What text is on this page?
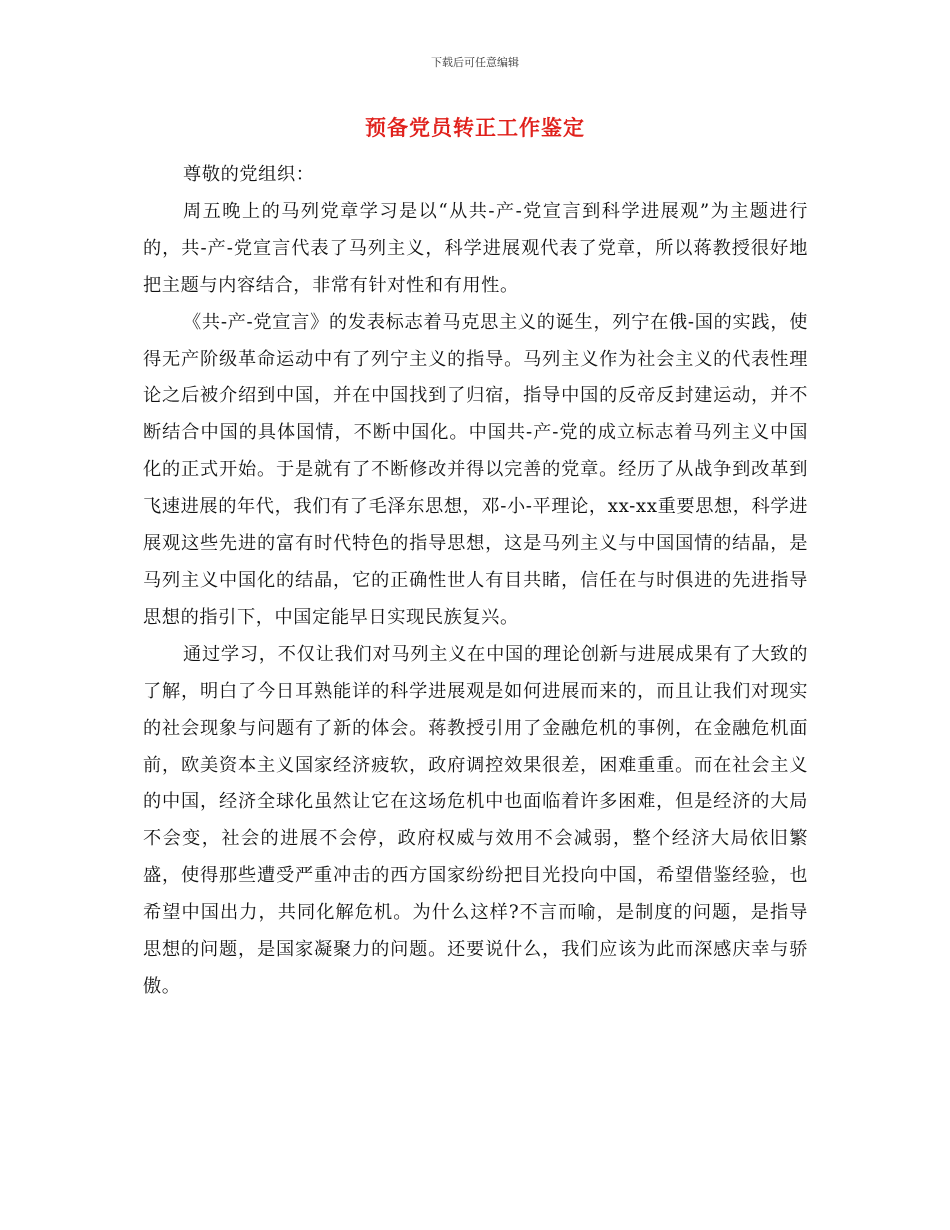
下载后可任意编辑
预备党员转正工作鉴定

尊敬的党组织：

周五晚上的马列党章学习是以“从共-产-党宣言到科学进展观”为主题进行的，共-产-党宣言代表了马列主义，科学进展观代表了党章，所以蒋教授很好地把主题与内容结合，非常有针对性和有用性。

《共-产-党宣言》的发表标志着马克思主义的诞生，列宁在俄-国的实践，使得无产阶级革命运动中有了列宁主义的指导。马列主义作为社会主义的代表性理论之后被介绍到中国，并在中国找到了归宿，指导中国的反帝反封建运动，并不断结合中国的具体国情，不断中国化。中国共-产-党的成立标志着马列主义中国化的正式开始。于是就有了不断修改并得以完善的党章。经历了从战争到改革到飞速进展的年代，我们有了毛泽东思想，邓-小-平理论，xx-xx重要思想，科学进展观这些先进的富有时代特色的指导思想，这是马列主义与中国国情的结晶，是马列主义中国化的结晶，它的正确性世人有目共睹，信任在与时俱进的先进指导思想的指引下，中国定能早日实现民族复兴。

通过学习，不仅让我们对马列主义在中国的理论创新与进展成果有了大致的了解，明白了今日耳熟能详的科学进展观是如何进展而来的，而且让我们对现实的社会现象与问题有了新的体会。蒋教授引用了金融危机的事例，在金融危机面前，欧美资本主义国家经济疲软，政府调控效果很差，困难重重。而在社会主义的中国，经济全球化虽然让它在这场危机中也面临着许多困难，但是经济的大局不会变，社会的进展不会停，政府权威与效用不会减弱，整个经济大局依旧繁盛，使得那些遭受严重冲击的西方国家纷纷把目光投向中国，希望借鉴经验，也希望中国出力，共同化解危机。为什么这样?不言而喻，是制度的问题，是指导思想的问题，是国家凝聚力的问题。还要说什么，我们应该为此而深感庆幸与骄傲。
